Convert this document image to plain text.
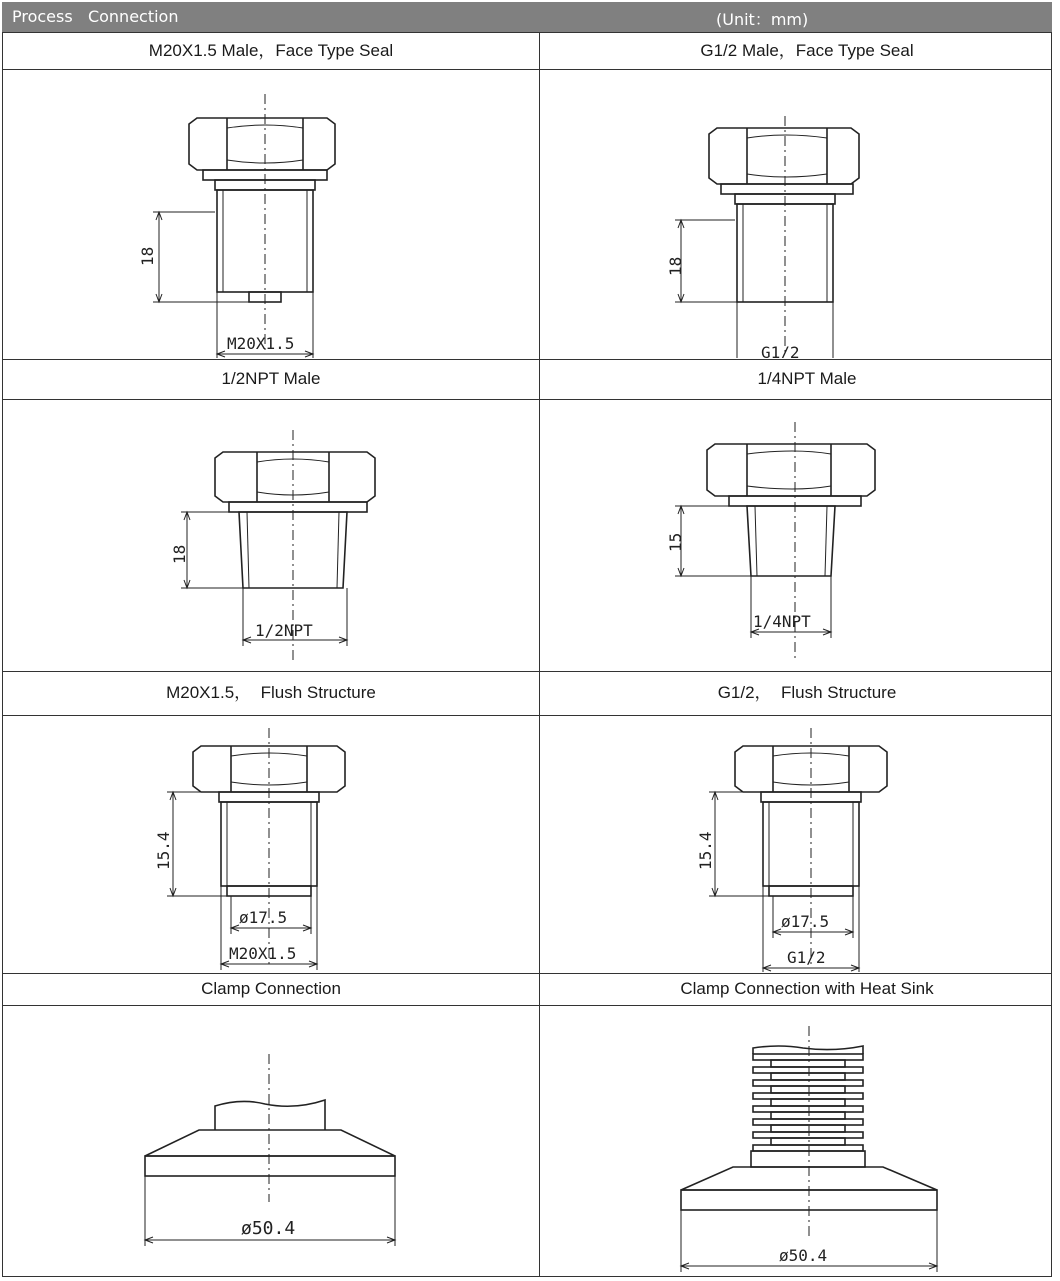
Process   Connection	(Unit：mm)
M20X1.5 Male，Face Type Seal	G1/2 Male，Face Type Seal
1/2NPT Male	1/4NPT Male
M20X1.5，  Flush Structure	G1/2，  Flush Structure
Clamp Connection	Clamp Connection with Heat Sink
18
M20X1.5
18
G1/2
18
1/2NPT
15
1/4NPT
15.4
ø17.5
M20X1.5
15.4
ø17.5
G1/2
ø50.4
ø50.4
